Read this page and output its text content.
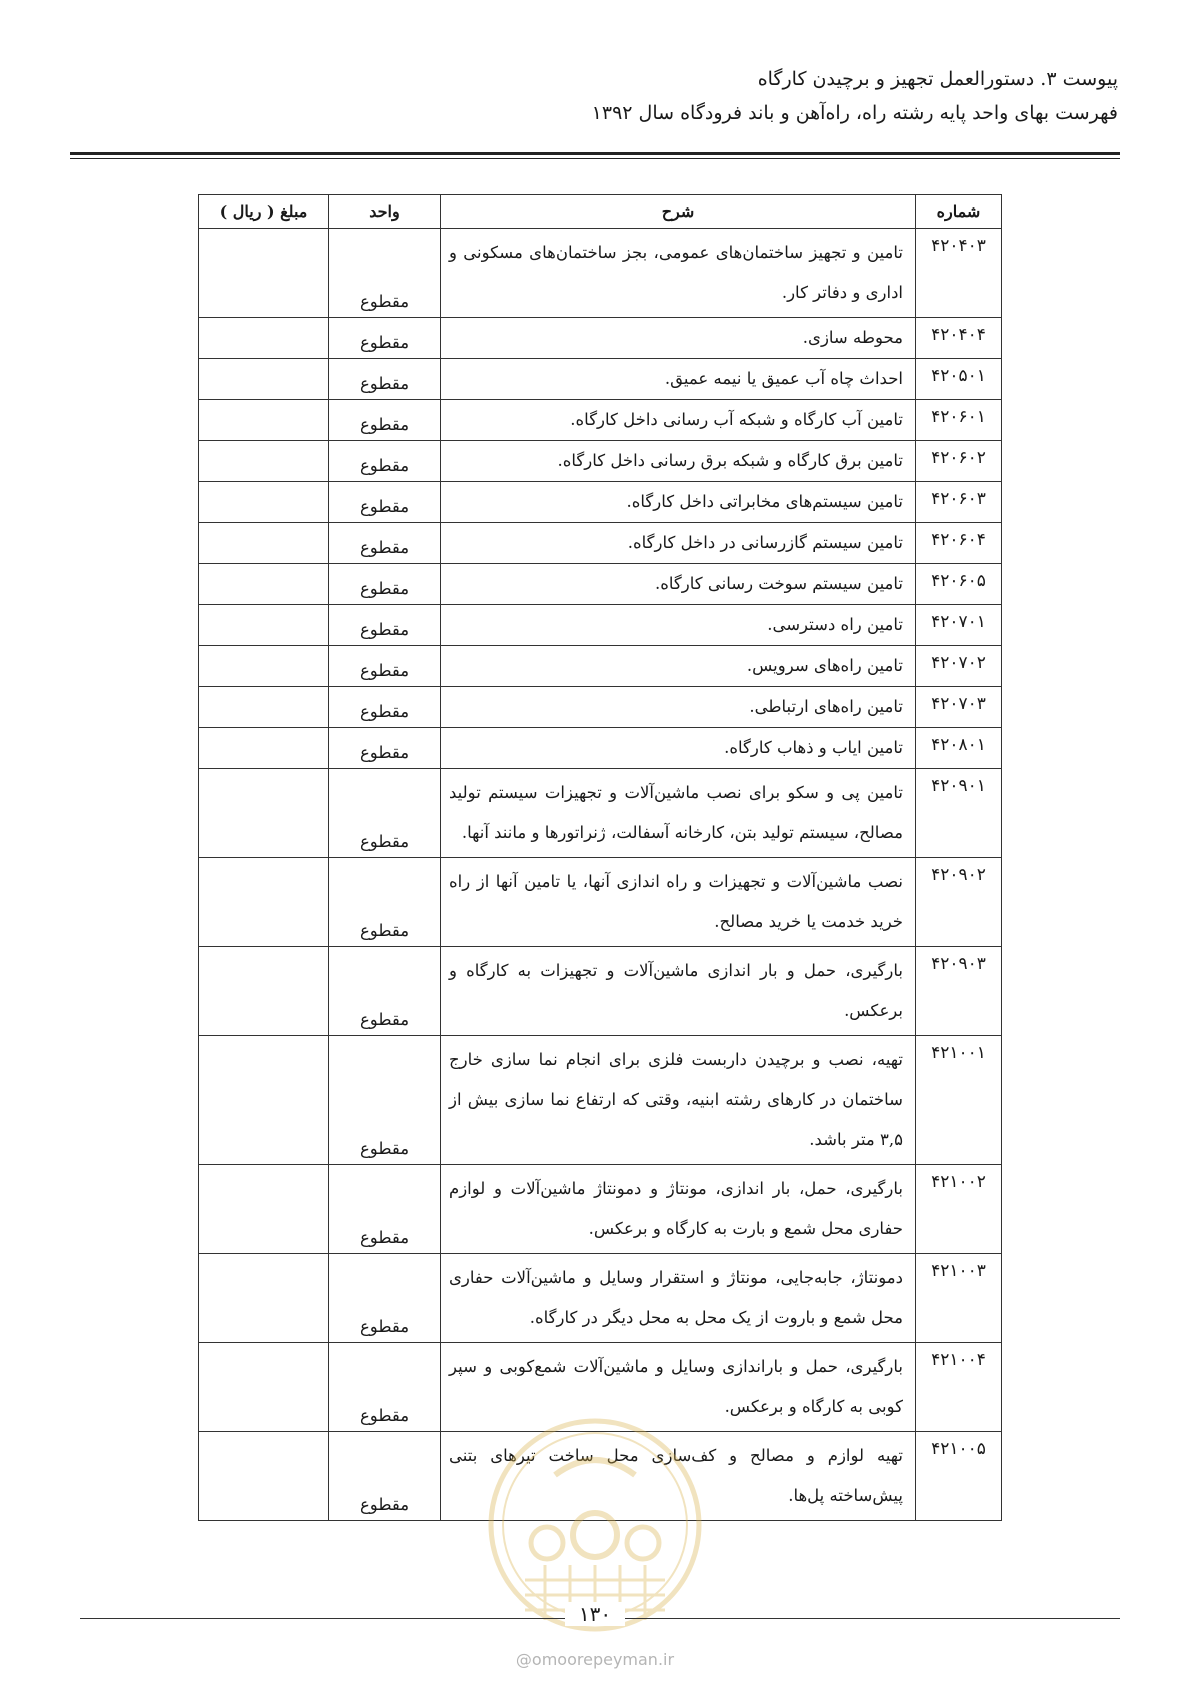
پیوست ۳. دستورالعمل تجهیز و برچیدن کارگاه
فهرست بهای واحد پایه رشته راه، راه‌آهن و باند فرودگاه سال ۱۳۹۲
شماره	شرح	واحد	مبلغ ( ریال )
۴۲۰۴۰۳	تامین و تجهیز ساختمان‌های عمومی، بجز ساختمان‌های مسکونی و اداری و دفاتر کار.	مقطوع	
۴۲۰۴۰۴	محوطه سازی.	مقطوع	
۴۲۰۵۰۱	احداث چاه آب عمیق یا نیمه عمیق.	مقطوع	
۴۲۰۶۰۱	تامین آب کارگاه و شبکه آب رسانی داخل کارگاه.	مقطوع	
۴۲۰۶۰۲	تامین برق کارگاه و شبکه برق رسانی داخل کارگاه.	مقطوع	
۴۲۰۶۰۳	تامین سیستم‌های مخابراتی داخل کارگاه.	مقطوع	
۴۲۰۶۰۴	تامین سیستم گازرسانی در داخل کارگاه.	مقطوع	
۴۲۰۶۰۵	تامین سیستم سوخت رسانی کارگاه.	مقطوع	
۴۲۰۷۰۱	تامین راه دسترسی.	مقطوع	
۴۲۰۷۰۲	تامین راه‌های سرویس.	مقطوع	
۴۲۰۷۰۳	تامین راه‌های ارتباطی.	مقطوع	
۴۲۰۸۰۱	تامین ایاب و ذهاب کارگاه.	مقطوع	
۴۲۰۹۰۱	تامین پی و سکو برای نصب ماشین‌آلات و تجهیزات سیستم تولید مصالح، سیستم تولید بتن، کارخانه آسفالت، ژنراتورها و مانند آنها.	مقطوع	
۴۲۰۹۰۲	نصب ماشین‌آلات و تجهیزات و راه اندازی آنها، یا تامین آنها از راه خرید خدمت یا خرید مصالح.	مقطوع	
۴۲۰۹۰۳	بارگیری، حمل و بار اندازی ماشین‌آلات و تجهیزات به کارگاه و برعکس.	مقطوع	
۴۲۱۰۰۱	تهیه، نصب و برچیدن داربست فلزی برای انجام نما سازی خارج ساختمان در کارهای رشته ابنیه، وقتی که ارتفاع نما سازی بیش از ۳,۵ متر باشد.	مقطوع	
۴۲۱۰۰۲	بارگیری، حمل، بار اندازی، مونتاژ و دمونتاژ ماشین‌آلات و لوازم حفاری محل شمع و بارت به کارگاه و برعکس.	مقطوع	
۴۲۱۰۰۳	دمونتاژ، جابه‌جایی، مونتاژ و استقرار وسایل و ماشین‌آلات حفاری محل شمع و باروت از یک محل به محل دیگر در کارگاه.	مقطوع	
۴۲۱۰۰۴	بارگیری، حمل و باراندازی وسایل و ماشین‌آلات شمع‌کوبی و سپر کوبی به کارگاه و برعکس.	مقطوع	
۴۲۱۰۰۵	تهیه لوازم و مصالح و کف‌سازی محل ساخت تیرهای بتنی پیش‌ساخته پل‌ها.	مقطوع	
۱۳۰
@omoorepeyman.ir
